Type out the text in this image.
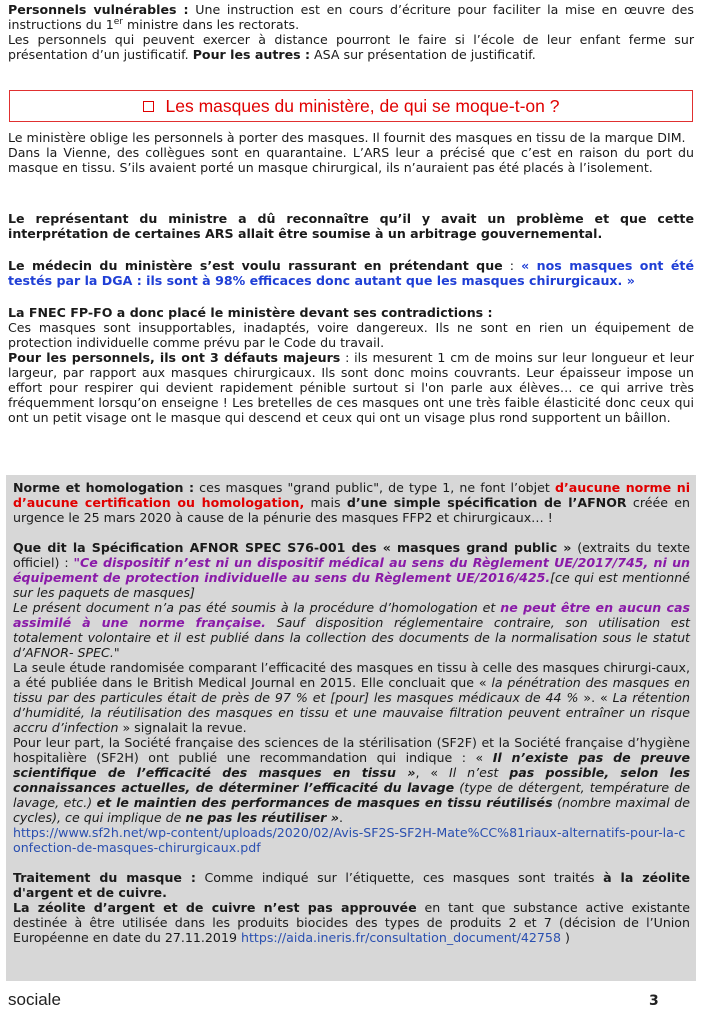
Personnels vulnérables : Une instruction est en cours d’écriture pour faciliter la mise en œuvre des instructions du 1er ministre dans les rectorats.

Les personnels qui peuvent exercer à distance pourront le faire si l’école de leur enfant ferme sur présentation d’un justificatif. Pour les autres : ASA sur présentation de justificatif.

Les masques du ministère, de qui se moque-t-on ?

Le ministère oblige les personnels à porter des masques. Il fournit des masques en tissu de la marque DIM.

Dans la Vienne, des collègues sont en quarantaine. L’ARS leur a précisé que c’est en raison du port du masque en tissu. S’ils avaient porté un masque chirurgical, ils n’auraient pas été placés à l’isolement.

Le représentant du ministre a dû reconnaître qu’il y avait un problème et que cette interprétation de certaines ARS allait être soumise à un arbitrage gouvernemental.

Le médecin du ministère s’est voulu rassurant en prétendant que : « nos masques ont été testés par la DGA : ils sont à 98% efficaces donc autant que les masques chirurgicaux. »

La FNEC FP-FO a donc placé le ministère devant ses contradictions :

Ces masques sont insupportables, inadaptés, voire dangereux. Ils ne sont en rien un équipement de protection individuelle comme prévu par le Code du travail.

Pour les personnels, ils ont 3 défauts majeurs : ils mesurent 1 cm de moins sur leur longueur et leur largeur, par rapport aux masques chirurgicaux. Ils sont donc moins couvrants. Leur épaisseur impose un effort pour respirer qui devient rapidement pénible surtout si l'on parle aux élèves… ce qui arrive très fréquemment lorsqu’on enseigne ! Les bretelles de ces masques ont une très faible élasticité donc ceux qui ont un petit visage ont le masque qui descend et ceux qui ont un visage plus rond supportent un bâillon.

Norme et homologation : ces masques "grand public", de type 1, ne font l’objet d’aucune norme ni d’aucune certification ou homologation, mais d’une simple spécification de l’AFNOR créée en urgence le 25 mars 2020 à cause de la pénurie des masques FFP2 et chirurgicaux… !

Que dit la Spécification AFNOR SPEC S76-001 des « masques grand public » (extraits du texte officiel) : "Ce dispositif n’est ni un dispositif médical au sens du Règlement UE/2017/745, ni un équipement de protection individuelle au sens du Règlement UE/2016/425.[ce qui est mentionné sur les paquets de masques]

Le présent document n’a pas été soumis à la procédure d’homologation et ne peut être en aucun cas assimilé à une norme française. Sauf disposition réglementaire contraire, son utilisation est totalement volontaire et il est publié dans la collection des documents de la normalisation sous le statut d’AFNOR- SPEC."

La seule étude randomisée comparant l’efficacité des masques en tissu à celle des masques chirurgi-caux, a été publiée dans le British Medical Journal en 2015. Elle concluait que « la pénétration des masques en tissu par des particules était de près de 97 % et [pour] les masques médicaux de 44 % ». « La rétention d’humidité, la réutilisation des masques en tissu et une mauvaise filtration peuvent entraîner un risque accru d’infection » signalait la revue.

Pour leur part, la Société française des sciences de la stérilisation (SF2F) et la Société française d’hygiène hospitalière (SF2H) ont publié une recommandation qui indique : « Il n’existe pas de preuve scientifique de l’efficacité des masques en tissu », « Il n’est pas possible, selon les connaissances actuelles, de déterminer l’efficacité du lavage (type de détergent, température de lavage, etc.) et le maintien des performances de masques en tissu réutilisés (nombre maximal de cycles), ce qui implique de ne pas les réutiliser ».

https://www.sf2h.net/wp-content/uploads/2020/02/Avis-SF2S-SF2H-Mate%CC%81riaux-alternatifs-pour-la-confection-de-masques-chirurgicaux.pdf

Traitement du masque : Comme indiqué sur l’étiquette, ces masques sont traités à la zéolite d'argent et de cuivre.

La zéolite d’argent et de cuivre n’est pas approuvée en tant que substance active existante destinée à être utilisée dans les produits biocides des types de produits 2 et 7 (décision de l’Union Européenne en date du 27.11.2019 https://aida.ineris.fr/consultation_document/42758 )

sociale	3
